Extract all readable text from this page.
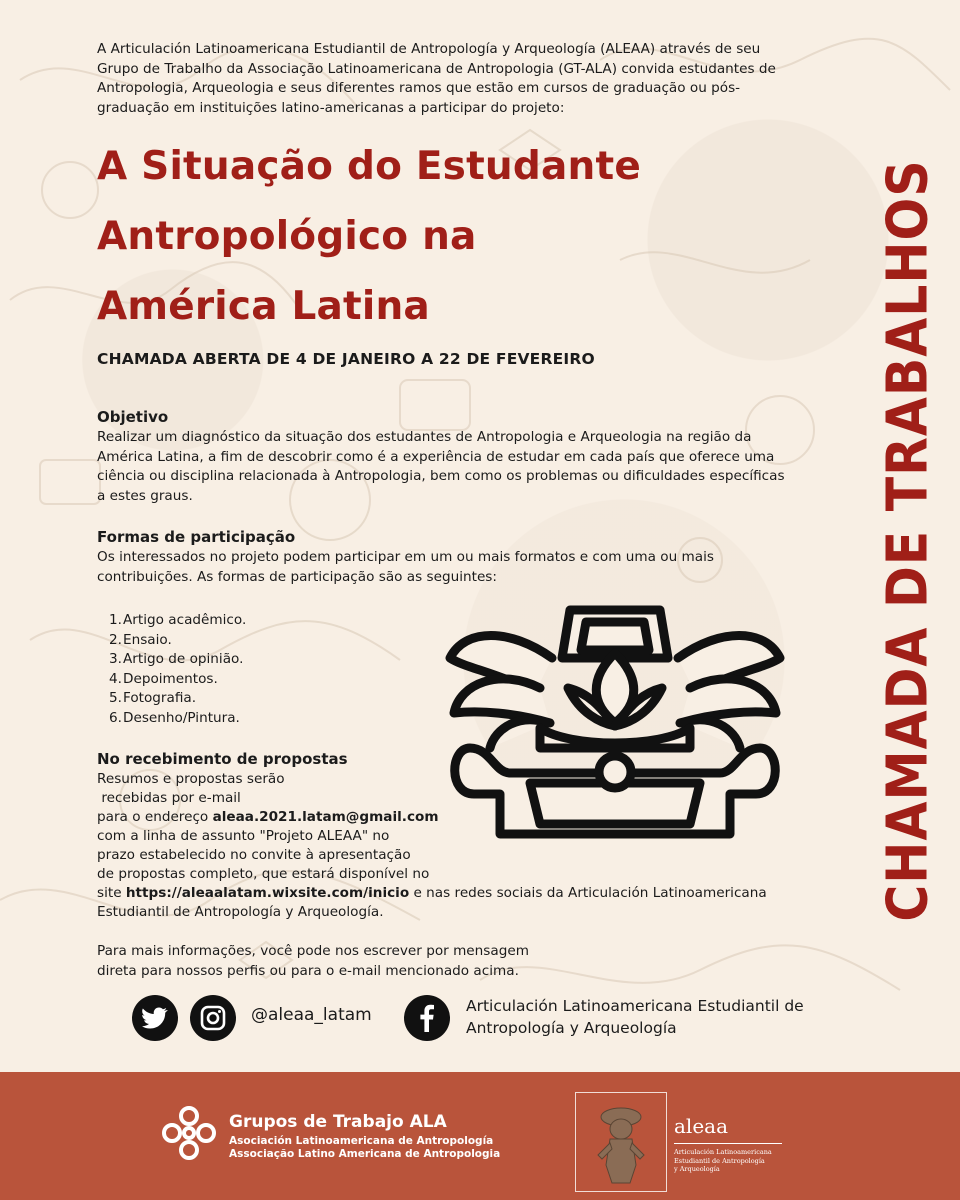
A Articulación Latinoamericana Estudiantil de Antropología y Arqueología (ALEAA) através de seu Grupo de Trabalho da Associação Latinoamericana de Antropologia (GT-ALA) convida estudantes de Antropologia, Arqueologia e seus diferentes ramos que estão em cursos de graduação ou pós-graduação em instituições latino-americanas a participar do projeto:

A Situação do Estudante
Antropológico na
América Latina

CHAMADA ABERTA DE 4 DE JANEIRO A 22 DE FEVEREIRO

Objetivo

Realizar um diagnóstico da situação dos estudantes de Antropologia e Arqueologia na região da América Latina, a fim de descobrir como é a experiência de estudar em cada país que oferece uma ciência ou disciplina relacionada à Antropologia, bem como os problemas ou dificuldades específicas a estes graus.

Formas de participação

Os interessados no projeto podem participar em um ou mais formatos e com uma ou mais contribuições. As formas de participação são as seguintes:

1. Artigo acadêmico.
2. Ensaio.
3. Artigo de opinião.
4. Depoimentos.
5. Fotografia.
6. Desenho/Pintura.

No recebimento de propostas

Resumos e propostas serão
recebidas por e-mail
para o endereço aleaa.2021.latam@gmail.com
com a linha de assunto "Projeto ALEAA" no
prazo estabelecido no convite à apresentação
de propostas completo, que estará disponível no
site https://aleaalatam.wixsite.com/inicio e nas redes sociais da Articulación Latinoamericana
Estudiantil de Antropología y Arqueología.

Para mais informações, você pode nos escrever por mensagem direta para nossos perfis ou para o e-mail mencionado acima.

CHAMADA DE TRABALHOS
@aleaa_latam	Articulación Latinoamericana Estudiantil de Antropología y Arqueología

Grupos de Trabajo ALA

Asociación Latinoamericana de Antropología
Associação Latino Americana de Antropologia

aleaa

Articulación Latinoamericana
Estudiantil de Antropología
y Arqueología
